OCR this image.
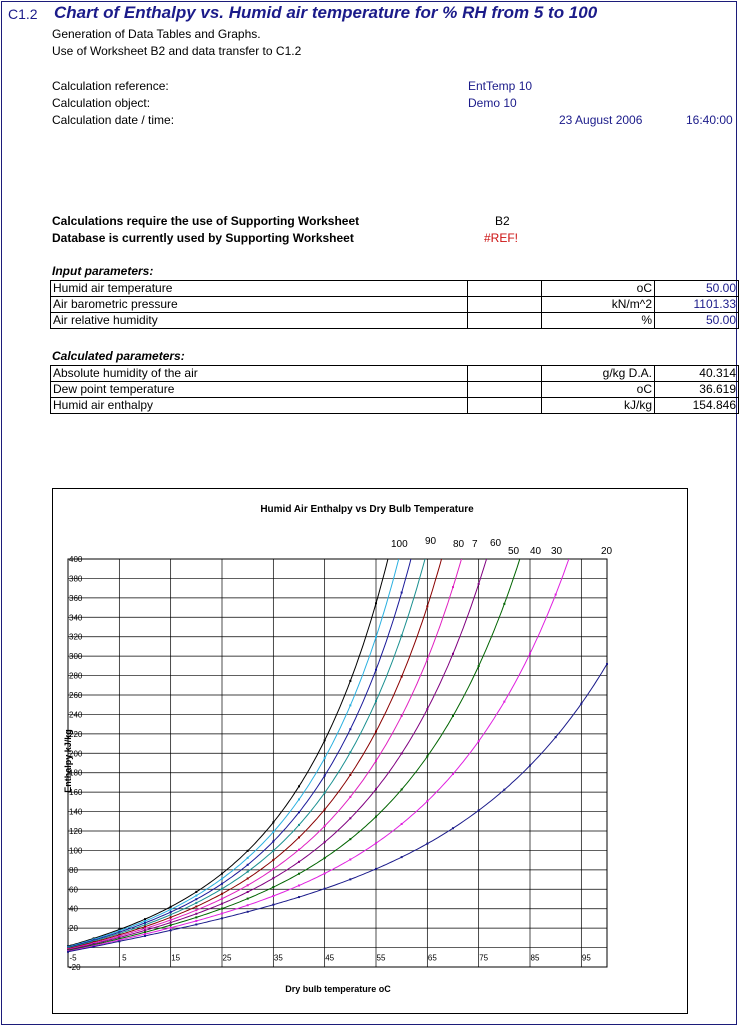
C1.2 Chart of Enthalpy vs. Humid air temperature for % RH from 5 to 100
Generation of Data Tables and Graphs.
Use of Worksheet B2 and data transfer to C1.2
Calculation reference:	EntTemp 10
Calculation object:	Demo 10
Calculation date / time:	23 August 2006	16:40:00
Calculations require the use of Supporting Worksheet	B2
Database is currently used by Supporting Worksheet	#REF!
Input parameters:
Humid air temperature		oC	50.00
Air barometric pressure		kN/m^2	1101.33
Air relative humidity		%	50.00
Calculated parameters:
Absolute humidity of the air		g/kg D.A.	40.314
Dew point temperature		oC	36.619
Humid air enthalpy		kJ/kg	154.846
Humid Air Enthalpy vs Dry Bulb Temperature
-20
0
20
40
60
80
100
120
140
160
180
200
220
240
260
280
300
320
340
360
380
400
-5	5	15	25	35	45	55	65	75	85	95
Dry bulb temperature oC
Enthalpy kJ/kg
100 90 80 7 60
50 40 30	20
